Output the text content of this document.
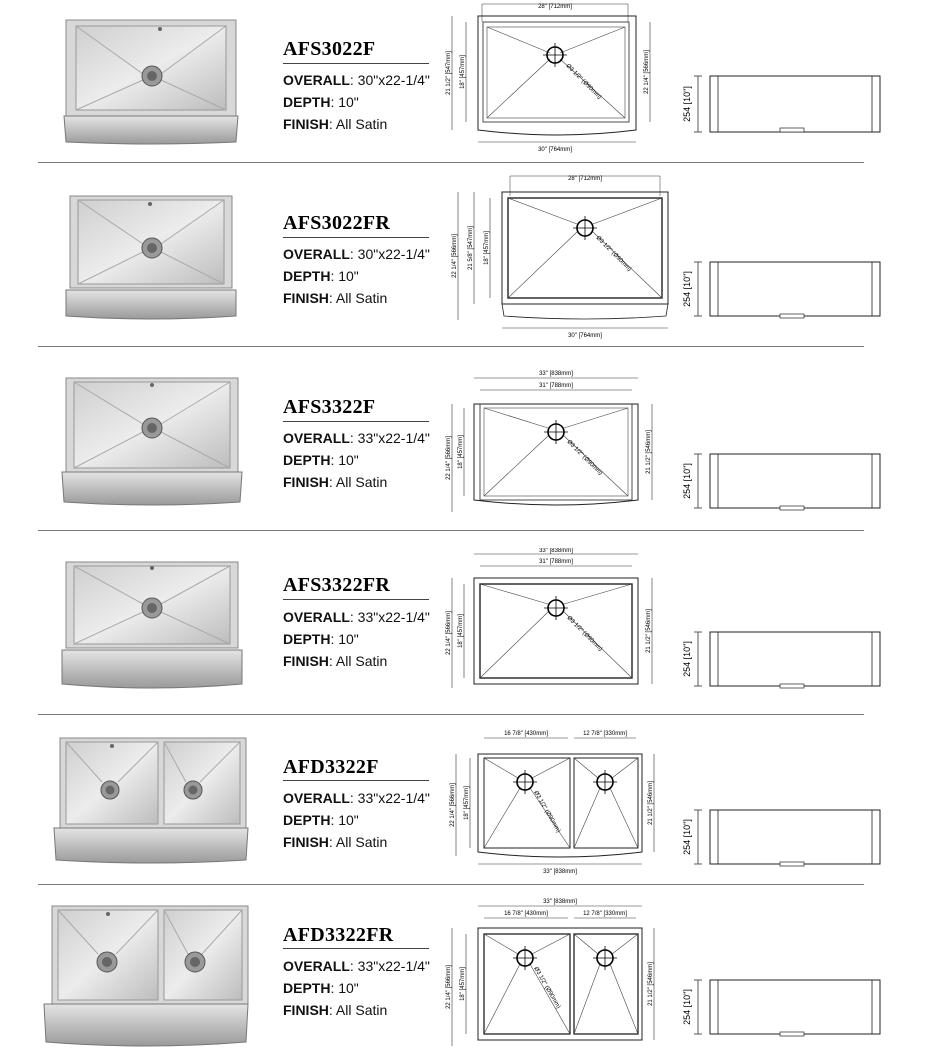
AFS3022F
OVERALL: 30"x22-1/4"
DEPTH: 10"
FINISH: All Satin
28" [712mm]
Ø3 1/2" (Ø90mm)
21 1/2" [547mm] 18" [457mm]	22 1/4" [566mm]
30" [764mm]
254 [10"]
AFS3022FR
OVERALL: 30"x22-1/4"
DEPTH: 10"
FINISH: All Satin
28" [712mm]
Ø3 1/2" (Ø90mm)
22 1/4" [566mm] 21 5/8" [547mm] 18" [457mm]
30" [764mm]
254 [10"]
AFS3322F
OVERALL: 33"x22-1/4"
DEPTH: 10"
FINISH: All Satin
33" [838mm]
31" [788mm]
Ø3 1/2" (Ø90mm)
22 1/4" [566mm] 18" [457mm]	21 1/2" [546mm]
254 [10"]
AFS3322FR
OVERALL: 33"x22-1/4"
DEPTH: 10"
FINISH: All Satin
33" [838mm]
31" [788mm]
Ø3 1/2" (Ø90mm)
22 1/4" [566mm] 18" [457mm]	21 1/2" [546mm]
254 [10"]
AFD3322F
OVERALL: 33"x22-1/4"
DEPTH: 10"
FINISH: All Satin
16 7/8" [430mm]	12 7/8" [330mm]
Ø3 1/2" (Ø90mm)
22 1/4" [566mm] 18" [457mm]	21 1/2" [546mm]
33" [838mm]
254 [10"]
AFD3322FR
OVERALL: 33"x22-1/4"
DEPTH: 10"
FINISH: All Satin
33" [838mm]
16 7/8" [430mm]	12 7/8" [330mm]
Ø3 1/2" (Ø90mm)
22 1/4" [566mm] 18" [457mm]	21 1/2" [546mm]
254 [10"]
